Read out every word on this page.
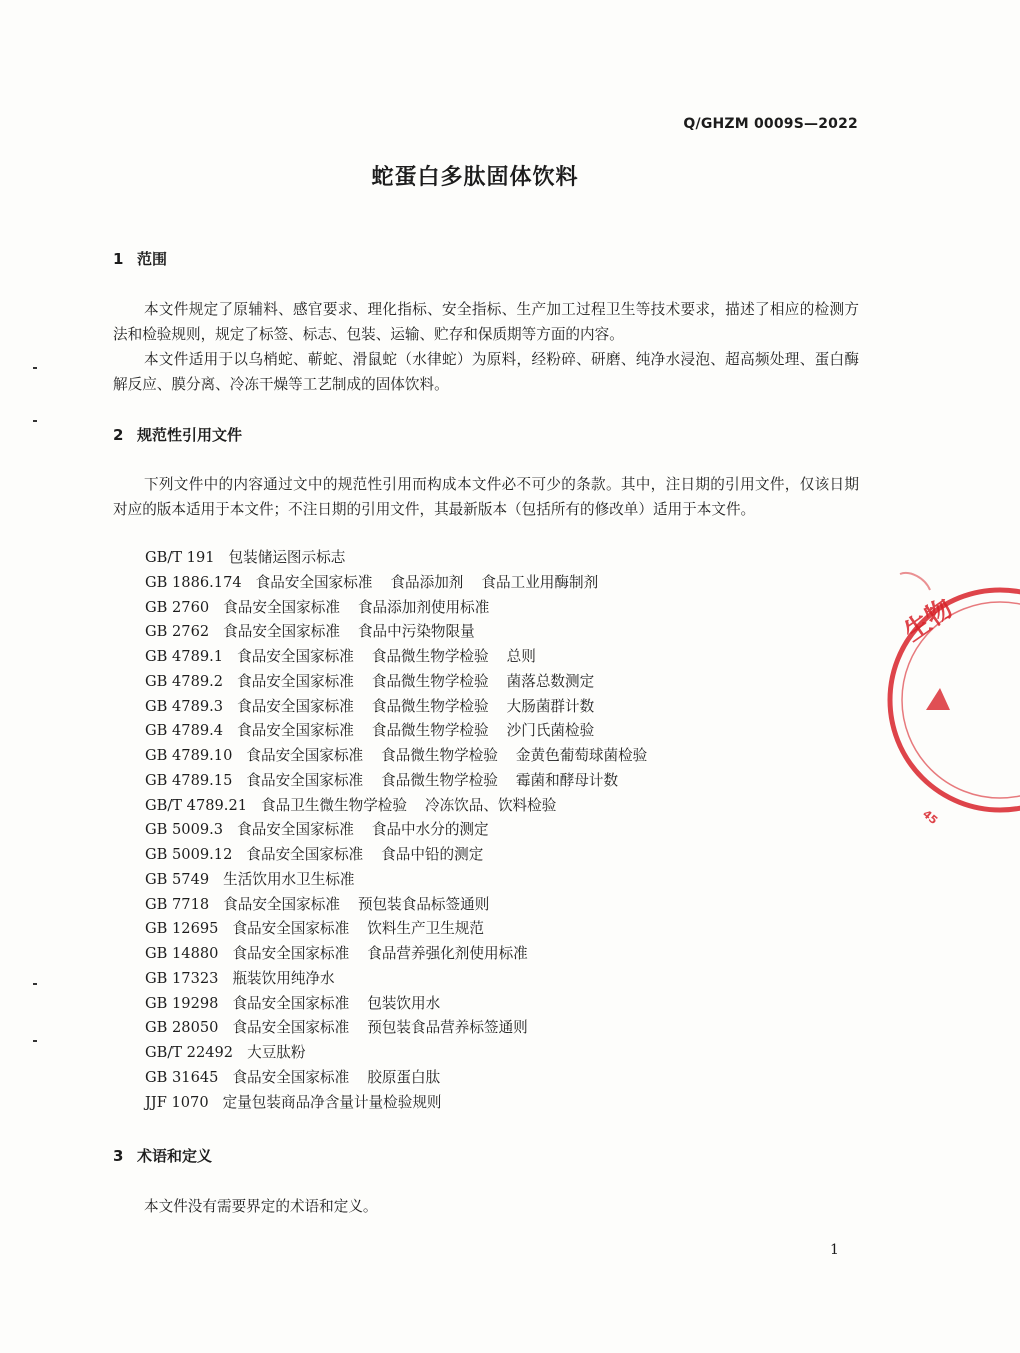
Q/GHZM 0009S—2022
蛇蛋白多肽固体饮料
1 范围
本文件规定了原辅料、感官要求、理化指标、安全指标、生产加工过程卫生等技术要求，描述了相应的检测方法和检验规则，规定了标签、标志、包装、运输、贮存和保质期等方面的内容。
本文件适用于以乌梢蛇、蕲蛇、滑鼠蛇（水律蛇）为原料，经粉碎、研磨、纯净水浸泡、超高频处理、蛋白酶解反应、膜分离、冷冻干燥等工艺制成的固体饮料。
2 规范性引用文件
下列文件中的内容通过文中的规范性引用而构成本文件必不可少的条款。其中，注日期的引用文件，仅该日期对应的版本适用于本文件；不注日期的引用文件，其最新版本（包括所有的修改单）适用于本文件。
GB/T 191 包装储运图示标志
GB 1886.174 食品安全国家标准 食品添加剂 食品工业用酶制剂
GB 2760 食品安全国家标准 食品添加剂使用标准
GB 2762 食品安全国家标准 食品中污染物限量
GB 4789.1 食品安全国家标准 食品微生物学检验 总则
GB 4789.2 食品安全国家标准 食品微生物学检验 菌落总数测定
GB 4789.3 食品安全国家标准 食品微生物学检验 大肠菌群计数
GB 4789.4 食品安全国家标准 食品微生物学检验 沙门氏菌检验
GB 4789.10 食品安全国家标准 食品微生物学检验 金黄色葡萄球菌检验
GB 4789.15 食品安全国家标准 食品微生物学检验 霉菌和酵母计数
GB/T 4789.21 食品卫生微生物学检验 冷冻饮品、饮料检验
GB 5009.3 食品安全国家标准 食品中水分的测定
GB 5009.12 食品安全国家标准 食品中铅的测定
GB 5749 生活饮用水卫生标准
GB 7718 食品安全国家标准 预包装食品标签通则
GB 12695 食品安全国家标准 饮料生产卫生规范
GB 14880 食品安全国家标准 食品营养强化剂使用标准
GB 17323 瓶装饮用纯净水
GB 19298 食品安全国家标准 包装饮用水
GB 28050 食品安全国家标准 预包装食品营养标签通则
GB/T 22492 大豆肽粉
GB 31645 食品安全国家标准 胶原蛋白肽
JJF 1070 定量包装商品净含量计量检验规则
3 术语和定义
本文件没有需要界定的术语和定义。
1
生物
45
